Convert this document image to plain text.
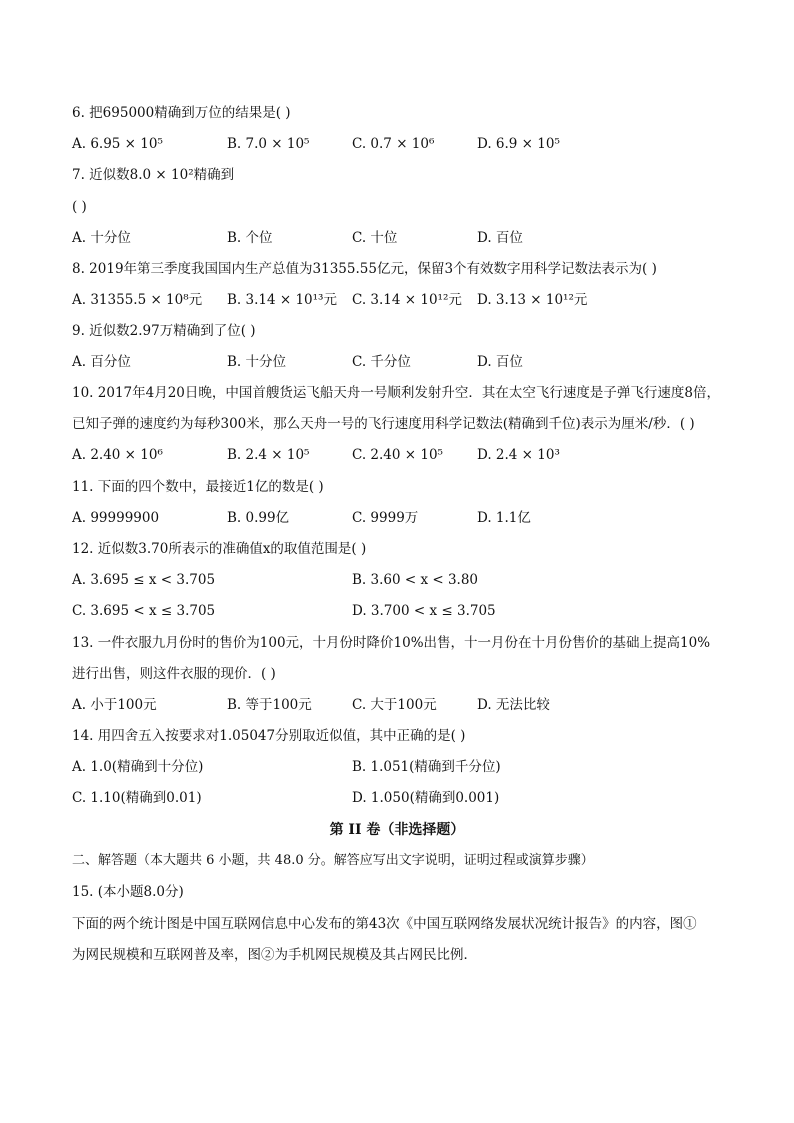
6. 把695000精确到万位的结果是( )
A. 6.95 × 10⁵	B. 7.0 × 10⁵	C. 0.7 × 10⁶	D. 6.9 × 10⁵
7. 近似数8.0 × 10²精确到
( )
A. 十分位	B. 个位	C. 十位	D. 百位
8. 2019年第三季度我国国内生产总值为31355.55亿元，保留3个有效数字用科学记数法表示为( )
A. 31355.5 × 10⁸元 B. 3.14 × 10¹³元 C. 3.14 × 10¹²元 D. 3.13 × 10¹²元
9. 近似数2.97万精确到了位( )
A. 百分位	B. 十分位	C. 千分位	D. 百位
10. 2017年4月20日晚，中国首艘货运飞船天舟一号顺利发射升空．其在太空飞行速度是子弹飞行速度8倍，
已知子弹的速度约为每秒300米，那么天舟一号的飞行速度用科学记数法(精确到千位)表示为厘米/秒．( )
A. 2.40 × 10⁶	B. 2.4 × 10⁵	C. 2.40 × 10⁵	D. 2.4 × 10³
11. 下面的四个数中，最接近1亿的数是( )
A. 99999900	B. 0.99亿	C. 9999万	D. 1.1亿
12. 近似数3.70所表示的准确值x的取值范围是( )
A. 3.695 ≤ x < 3.705	B. 3.60 < x < 3.80
C. 3.695 < x ≤ 3.705	D. 3.700 < x ≤ 3.705
13. 一件衣服九月份时的售价为100元，十月份时降价10%出售，十一月份在十月份售价的基础上提高10%
进行出售，则这件衣服的现价．( )
A. 小于100元	B. 等于100元	C. 大于100元	D. 无法比较
14. 用四舍五入按要求对1.05047分别取近似值，其中正确的是( )
A. 1.0(精确到十分位)	B. 1.051(精确到千分位)
C. 1.10(精确到0.01)	D. 1.050(精确到0.001)
第 II 卷（非选择题）
二、解答题（本大题共 6 小题，共 48.0 分。解答应写出文字说明，证明过程或演算步骤）
15. (本小题8.0分)
下面的两个统计图是中国互联网信息中心发布的第43次《中国互联网络发展状况统计报告》的内容，图①
为网民规模和互联网普及率，图②为手机网民规模及其占网民比例．
